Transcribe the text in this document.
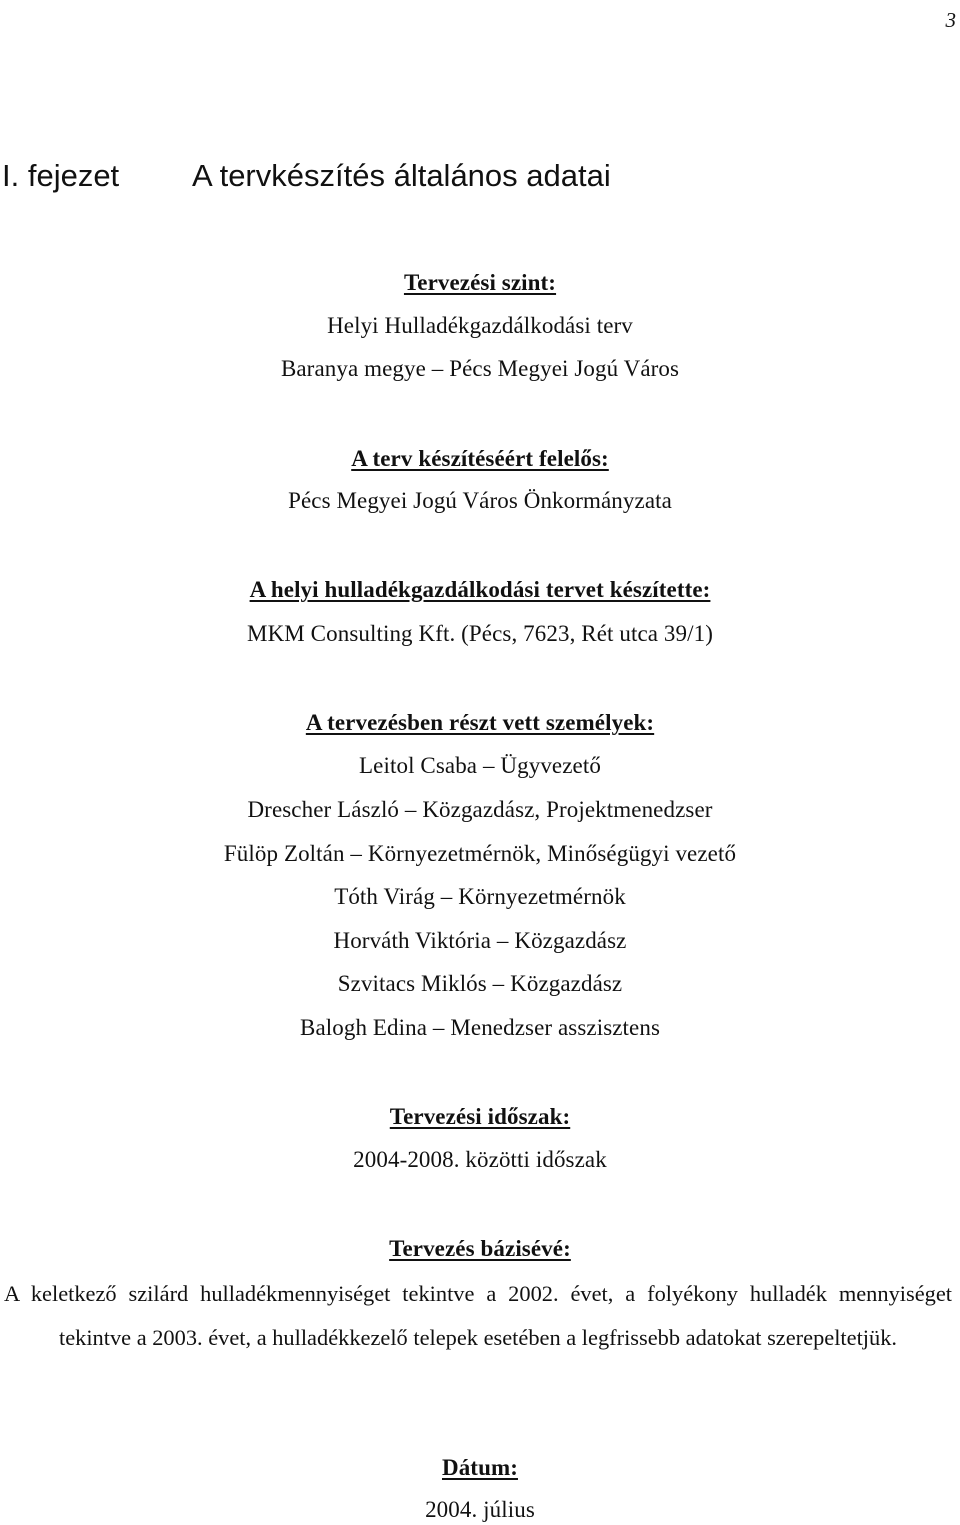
3
I. fejezet A tervkészítés általános adatai
Tervezési szint:
Helyi Hulladékgazdálkodási terv
Baranya megye – Pécs Megyei Jogú Város
A terv készítéséért felelős:
Pécs Megyei Jogú Város Önkormányzata
A helyi hulladékgazdálkodási tervet készítette:
MKM Consulting Kft. (Pécs, 7623, Rét utca 39/1)
A tervezésben részt vett személyek:
Leitol Csaba – Ügyvezető
Drescher László – Közgazdász, Projektmenedzser
Fülöp Zoltán – Környezetmérnök, Minőségügyi vezető
Tóth Virág – Környezetmérnök
Horváth Viktória – Közgazdász
Szvitacs Miklós – Közgazdász
Balogh Edina – Menedzser asszisztens
Tervezési időszak:
2004-2008. közötti időszak
Tervezés bázisévé:
A keletkező szilárd hulladékmennyiséget tekintve a 2002. évet, a folyékony hulladék mennyiséget tekintve a 2003. évet, a hulladékkezelő telepek esetében a legfrissebb adatokat szerepeltetjük.
Dátum:
2004. július
